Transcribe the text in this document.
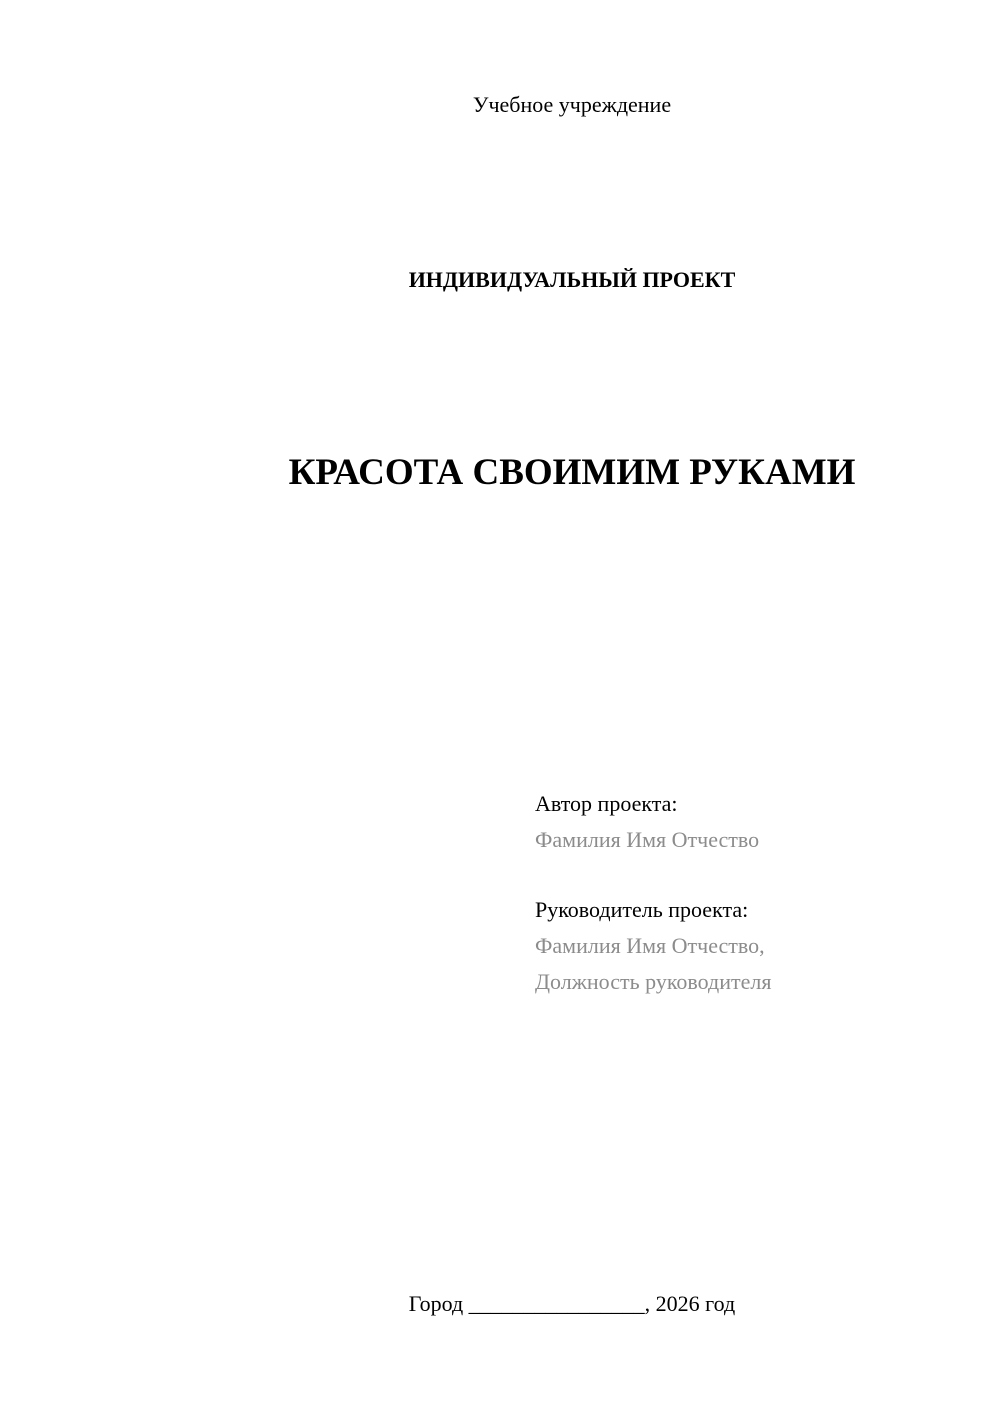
Учебное учреждение
ИНДИВИДУАЛЬНЫЙ ПРОЕКТ
КРАСОТА СВОИМИМ РУКАМИ
Автор проекта:
Фамилия Имя Отчество
Руководитель проекта:
Фамилия Имя Отчество,
Должность руководителя
Город ________________, 2026 год
